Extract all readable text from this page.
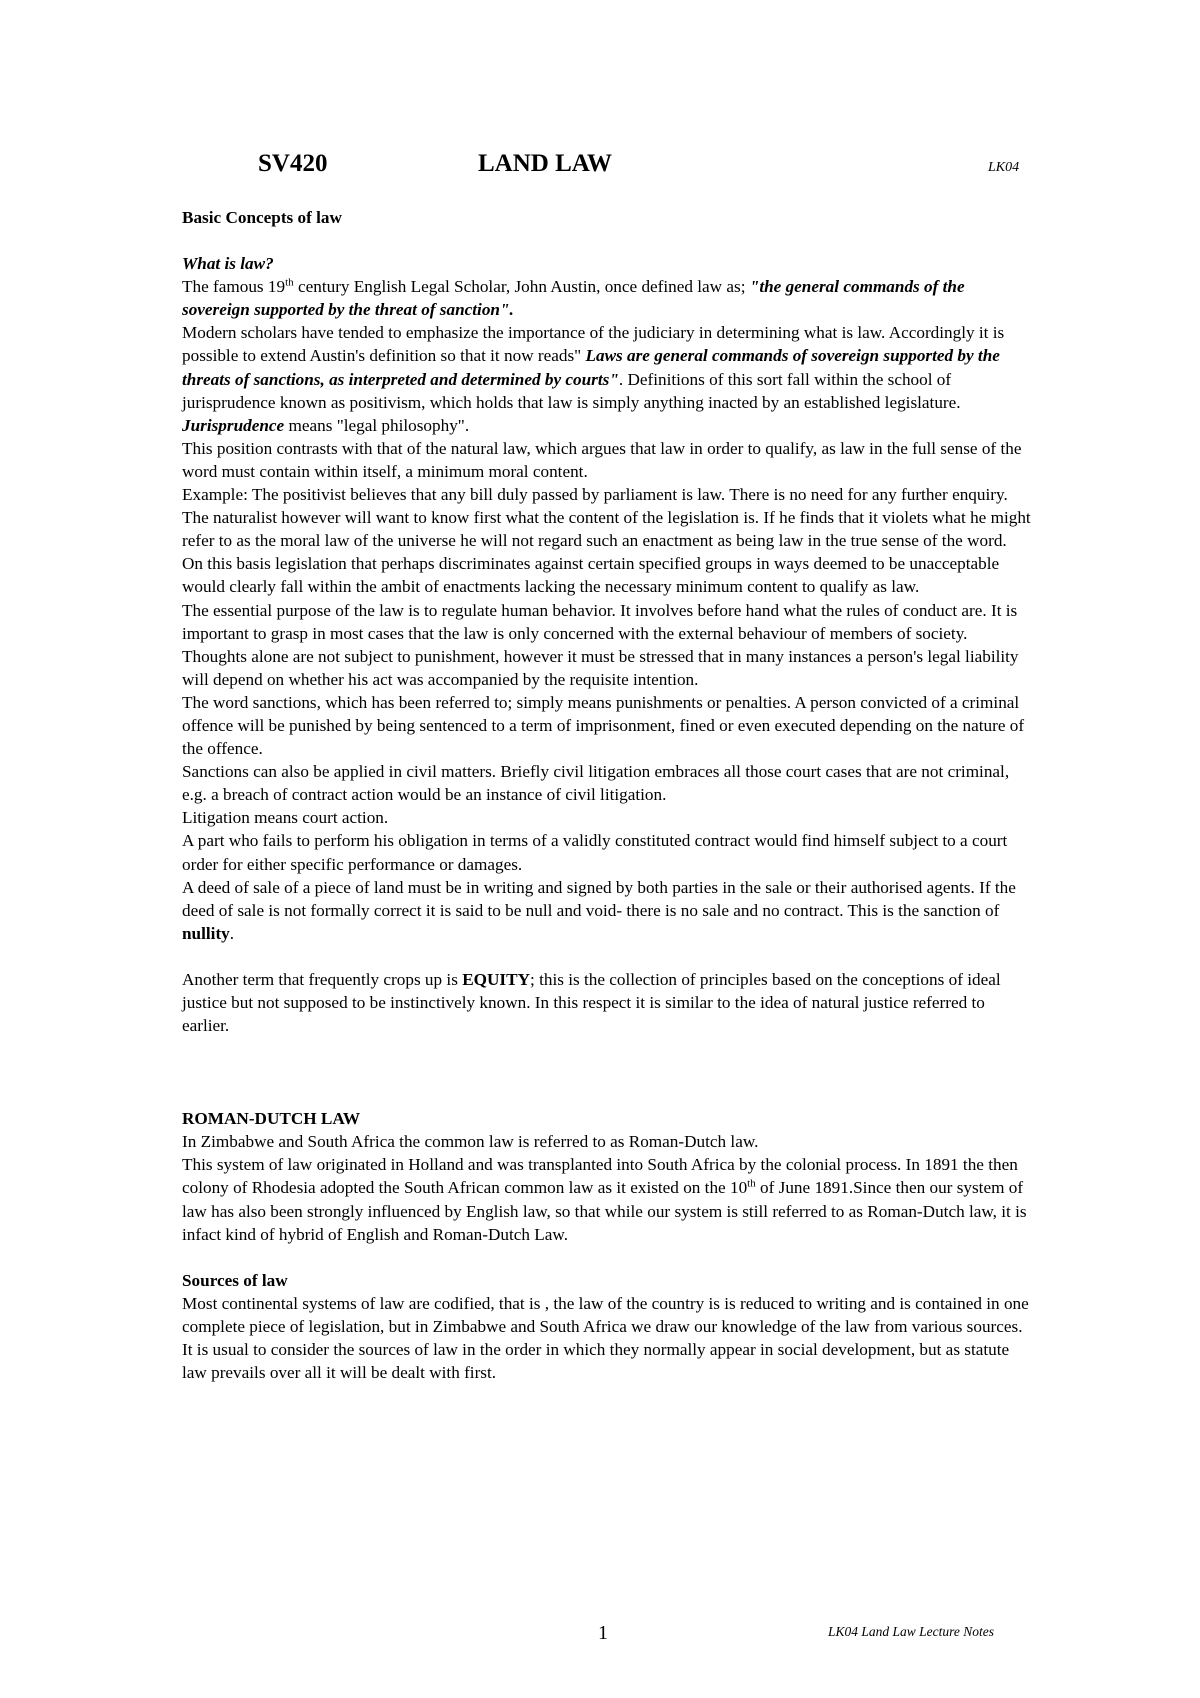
SV420	LAND LAW	LK04

Basic Concepts of law

What is law?

The famous 19th century English Legal Scholar, John Austin, once defined law as; "the general commands of the sovereign supported by the threat of sanction".

Modern scholars have tended to emphasize the importance of the judiciary in determining what is law. Accordingly it is possible to extend Austin's definition so that it now reads" Laws are general commands of sovereign supported by the threats of sanctions, as interpreted and determined by courts". Definitions of this sort fall within the school of jurisprudence known as positivism, which holds that law is simply anything inacted by an established legislature.

Jurisprudence means "legal philosophy".

This position contrasts with that of the natural law, which argues that law in order to qualify, as law in the full sense of the word must contain within itself, a minimum moral content.

Example: The positivist believes that any bill duly passed by parliament is law. There is no need for any further enquiry. The naturalist however will want to know first what the content of the legislation is. If he finds that it violets what he might refer to as the moral law of the universe he will not regard such an enactment as being law in the true sense of the word. On this basis legislation that perhaps discriminates against certain specified groups in ways deemed to be unacceptable would clearly fall within the ambit of enactments lacking the necessary minimum content to qualify as law.

The essential purpose of the law is to regulate human behavior. It involves before hand what the rules of conduct are. It is important to grasp in most cases that the law is only concerned with the external behaviour of members of society.

Thoughts alone are not subject to punishment, however it must be stressed that in many instances a person's legal liability will depend on whether his act was accompanied by the requisite intention.

The word sanctions, which has been referred to; simply means punishments or penalties. A person convicted of a criminal offence will be punished by being sentenced to a term of imprisonment, fined or even executed depending on the nature of the offence.

Sanctions can also be applied in civil matters. Briefly civil litigation embraces all those court cases that are not criminal, e.g. a breach of contract action would be an instance of civil litigation.

Litigation means court action.

A part who fails to perform his obligation in terms of a validly constituted contract would find himself subject to a court order for either specific performance or damages.

A deed of sale of a piece of land must be in writing and signed by both parties in the sale or their authorised agents. If the deed of sale is not formally correct it is said to be null and void- there is no sale and no contract. This is the sanction of nullity.

Another term that frequently crops up is EQUITY; this is the collection of principles based on the conceptions of ideal justice but not supposed to be instinctively known. In this respect it is similar to the idea of natural justice referred to earlier.

ROMAN-DUTCH LAW

In Zimbabwe and South Africa the common law is referred to as Roman-Dutch law.

This system of law originated in Holland and was transplanted into South Africa by the colonial process. In 1891 the then colony of Rhodesia adopted the South African common law as it existed on the 10th of June 1891.Since then our system of law has also been strongly influenced by English law, so that while our system is still referred to as Roman-Dutch law, it is infact kind of hybrid of English and Roman-Dutch Law.

Sources of law

Most continental systems of law are codified, that is , the law of the country is is reduced to writing and is contained in one complete piece of legislation, but in Zimbabwe and South Africa we draw our knowledge of the law from various sources.

It is usual to consider the sources of law in the order in which they normally appear in social development, but as statute law prevails over all it will be dealt with first.

1	LK04 Land Law Lecture Notes
